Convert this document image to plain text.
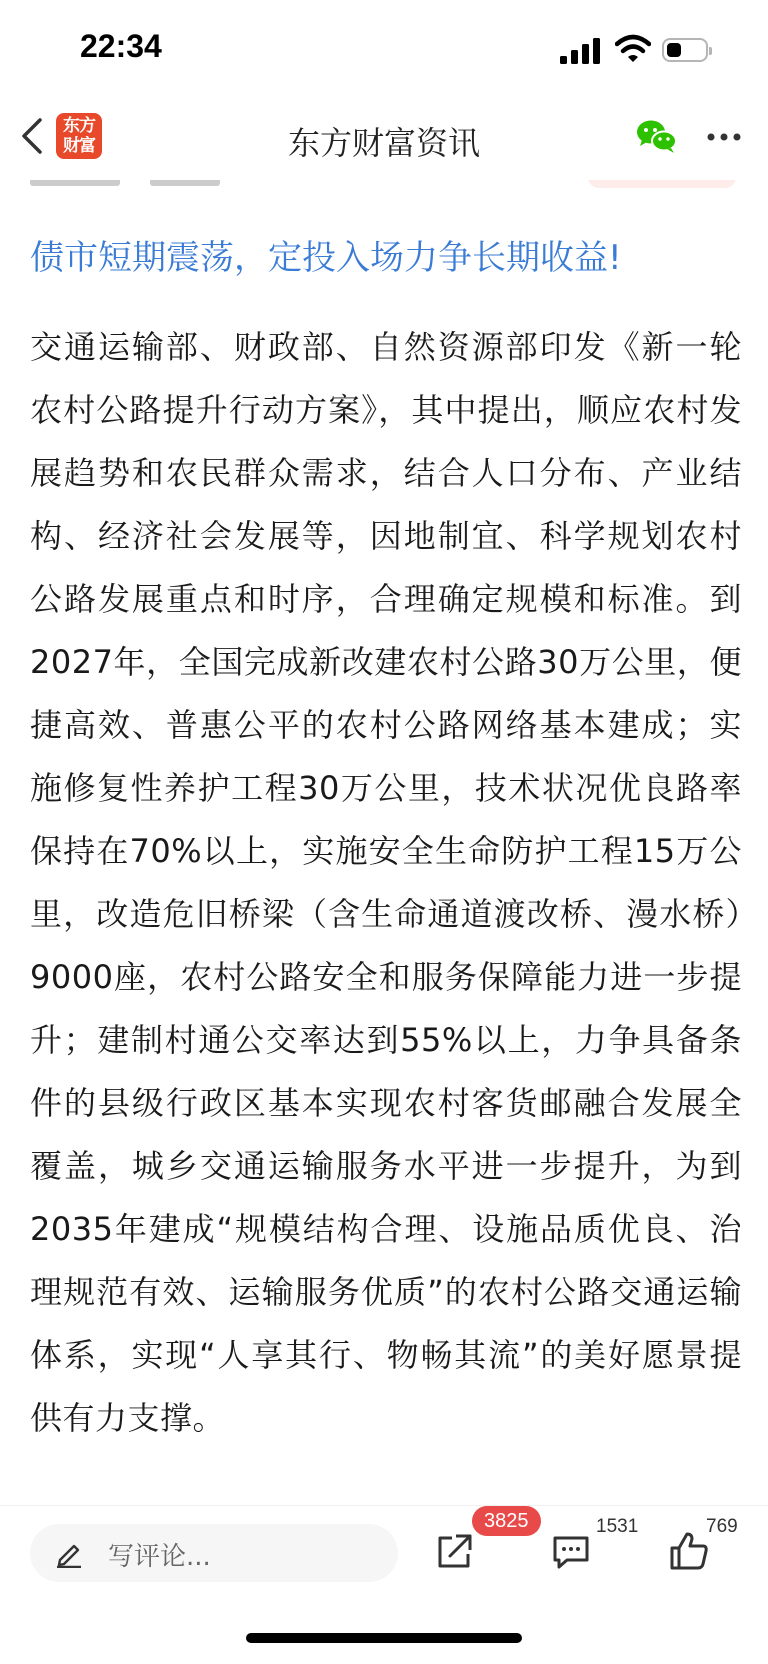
22:34
东方
财富	东方财富资讯
债市短期震荡，定投入场力争长期收益!
交通运输部、财政部、自然资源部印发《新一轮农村公路提升行动方案》，其中提出，顺应农村发展趋势和农民群众需求，结合人口分布、产业结构、经济社会发展等，因地制宜、科学规划农村公路发展重点和时序，合理确定规模和标准。到2027年，全国完成新改建农村公路30万公里，便捷高效、普惠公平的农村公路网络基本建成；实施修复性养护工程30万公里，技术状况优良路率保持在70%以上，实施安全生命防护工程15万公里，改造危旧桥梁（含生命通道渡改桥、漫水桥）9000座，农村公路安全和服务保障能力进一步提升；建制村通公交率达到55%以上，力争具备条件的县级行政区基本实现农村客货邮融合发展全覆盖，城乡交通运输服务水平进一步提升，为到2035年建成“规模结构合理、设施品质优良、治理规范有效、运输服务优质”的农村公路交通运输体系，实现“人享其行、物畅其流”的美好愿景提供有力支撑。
写评论...
3825	1531	769
